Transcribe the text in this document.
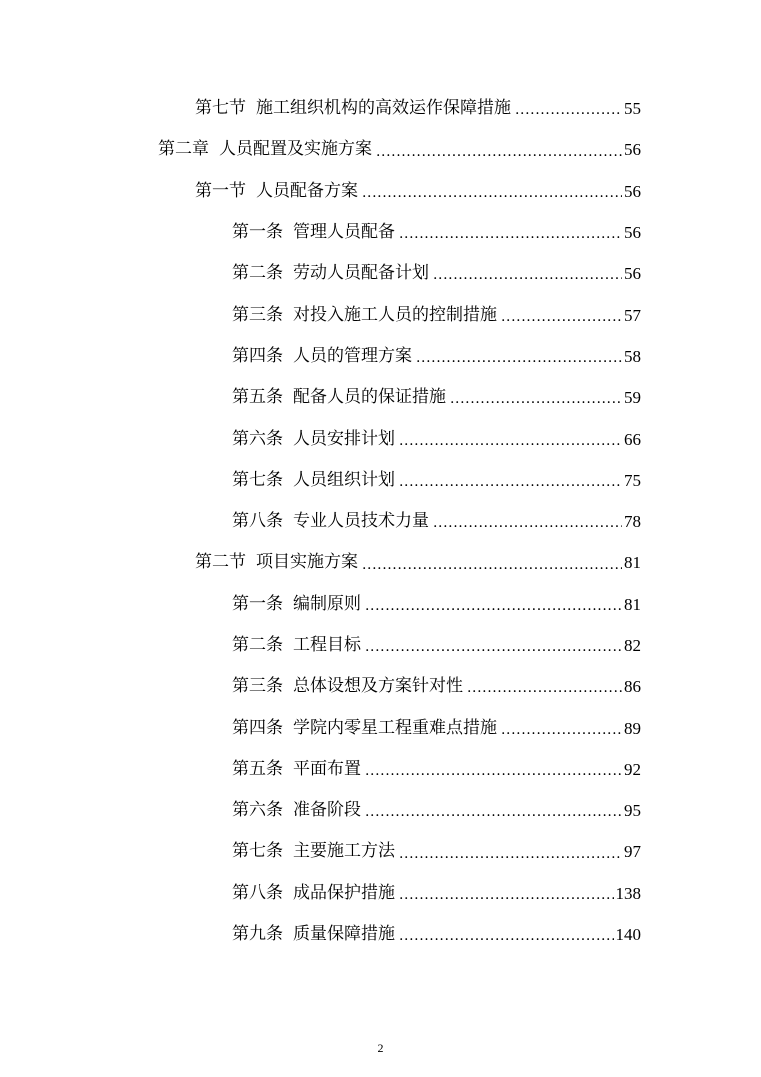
第七节 施工组织机构的高效运作保障措施 .....	55
第二章 人员配置及实施方案 .....	56
第一节 人员配备方案 .....	56
第一条 管理人员配备 .....	56
第二条 劳动人员配备计划 .....	56
第三条 对投入施工人员的控制措施 .....	57
第四条 人员的管理方案 .....	58
第五条 配备人员的保证措施 .....	59
第六条 人员安排计划 .....	66
第七条 人员组织计划 .....	75
第八条 专业人员技术力量 .....	78
第二节 项目实施方案 .....	81
第一条 编制原则 .....	81
第二条 工程目标 .....	82
第三条 总体设想及方案针对性 .....	86
第四条 学院内零星工程重难点措施 .....	89
第五条 平面布置 .....	92
第六条 准备阶段 .....	95
第七条 主要施工方法 .....	97
第八条 成品保护措施 .....	138
第九条 质量保障措施 .....	140
2
